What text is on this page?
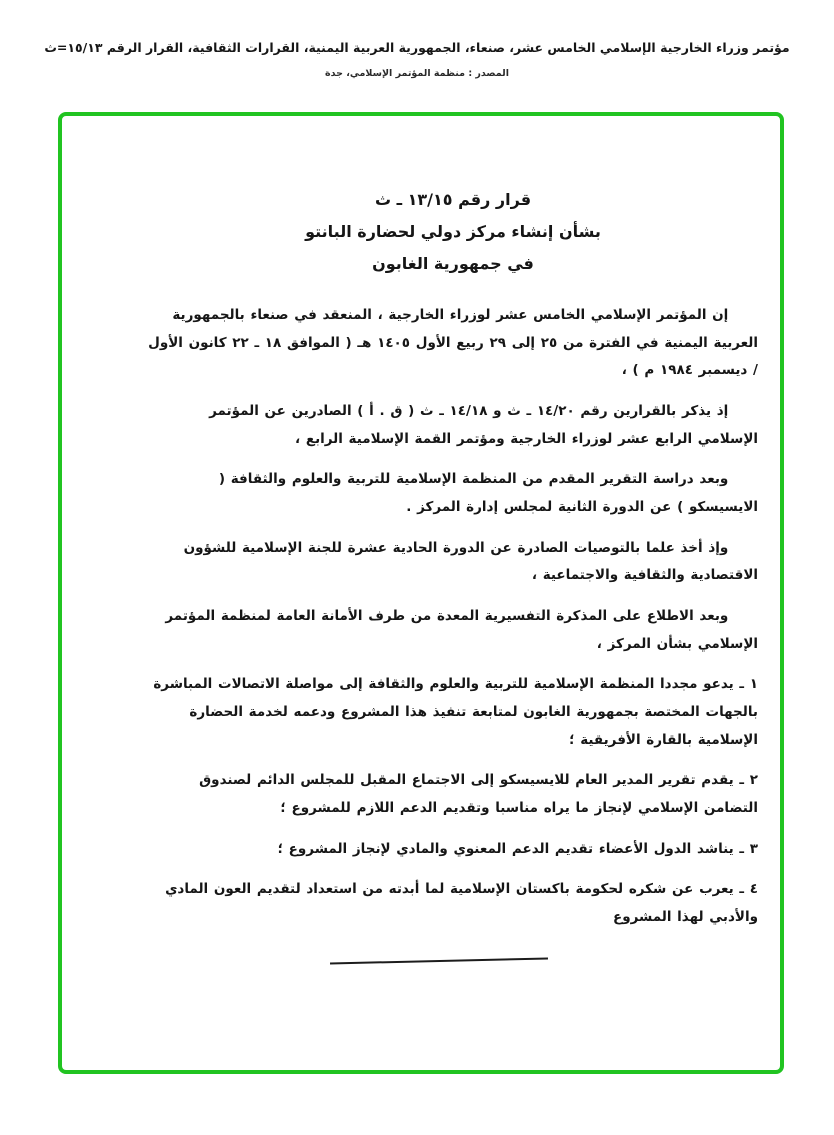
مؤتمر وزراء الخارجية الإسلامي الخامس عشر، صنعاء، الجمهورية العربية اليمنية، القرارات الثقافية، القرار الرقم ١٥/١٣=ث
المصدر : منظمة المؤتمر الإسلامي، جدة
قرار رقم ١٣/١٥ ـ ث
بشأن إنشاء مركز دولي لحضارة البانتو
في جمهورية الغابون

إن المؤتمر الإسلامي الخامس عشر لوزراء الخارجية ، المنعقد في صنعاء بالجمهورية العربية اليمنية في الفترة من ٢٥ إلى ٢٩ ربيع الأول ١٤٠٥ هـ ( الموافق ١٨ ـ ٢٢ كانون الأول / ديسمبر ١٩٨٤ م ) ،

إذ يذكر بالقرارين رقم ١٤/٢٠ ـ ث و ١٤/١٨ ـ ث ( ق . أ ) الصادرين عن المؤتمر الإسلامي الرابع عشر لوزراء الخارجية ومؤتمر القمة الإسلامية الرابع ،

وبعد دراسة التقرير المقدم من المنظمة الإسلامية للتربية والعلوم والثقافة ( الايسيسكو ) عن الدورة الثانية لمجلس إدارة المركز .

وإذ أخذ علما بالتوصيات الصادرة عن الدورة الحادية عشرة للجنة الإسلامية للشؤون الاقتصادية والثقافية والاجتماعية ،

وبعد الاطلاع على المذكرة التفسيرية المعدة من طرف الأمانة العامة لمنظمة المؤتمر الإسلامي بشأن المركز ،

١ ـ يدعو مجددا المنظمة الإسلامية للتربية والعلوم والثقافة إلى مواصلة الاتصالات المباشرة بالجهات المختصة بجمهورية الغابون لمتابعة تنفيذ هذا المشروع ودعمه لخدمة الحضارة الإسلامية بالقارة الأفريقية ؛

٢ ـ يقدم تقرير المدير العام للايسيسكو إلى الاجتماع المقبل للمجلس الدائم لصندوق التضامن الإسلامي لإنجاز ما يراه مناسبا وتقديم الدعم اللازم للمشروع ؛

٣ ـ يناشد الدول الأعضاء تقديم الدعم المعنوي والمادي لإنجاز المشروع ؛

٤ ـ يعرب عن شكره لحكومة باكستان الإسلامية لما أبدته من استعداد لتقديم العون المادي والأدبي لهذا المشروع
